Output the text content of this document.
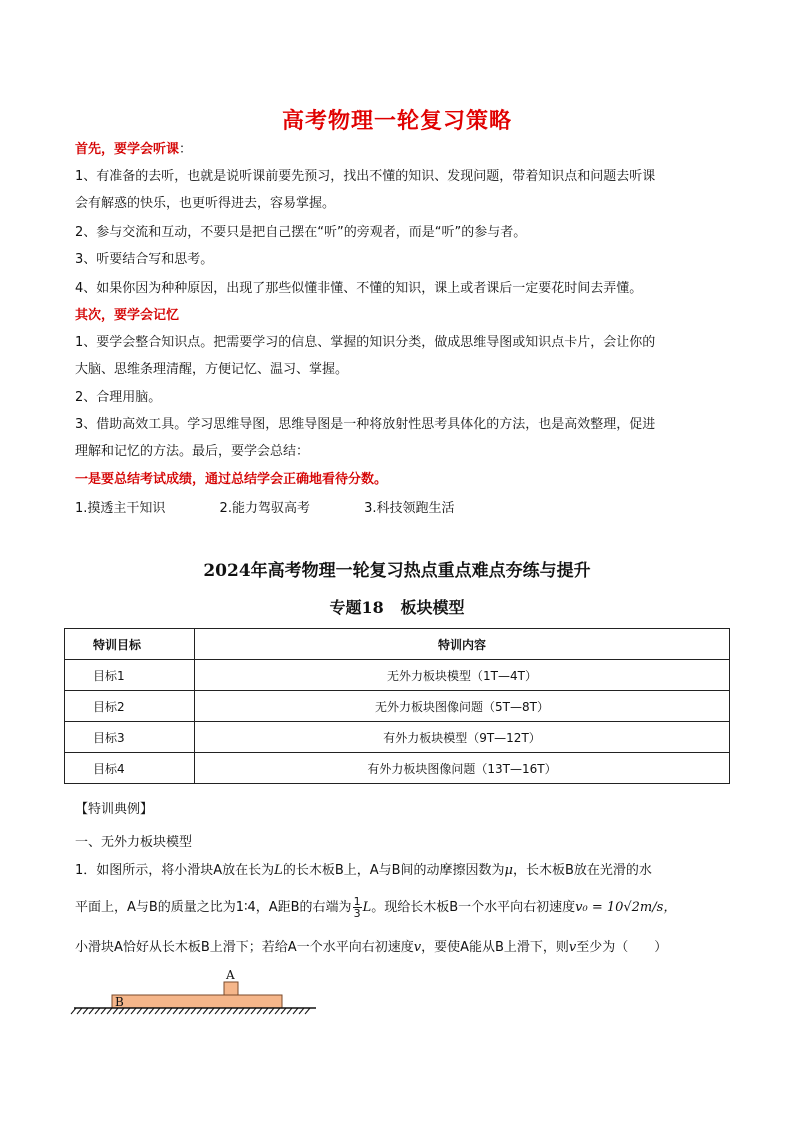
高考物理一轮复习策略
首先，要学会听课：
1、有准备的去听，也就是说听课前要先预习，找出不懂的知识、发现问题，带着知识点和问题去听课
会有解惑的快乐，也更听得进去，容易掌握。
2、参与交流和互动，不要只是把自己摆在“听”的旁观者，而是“听”的参与者。
3、听要结合写和思考。
4、如果你因为种种原因，出现了那些似懂非懂、不懂的知识，课上或者课后一定要花时间去弄懂。
其次，要学会记忆
1、要学会整合知识点。把需要学习的信息、掌握的知识分类，做成思维导图或知识点卡片，会让你的
大脑、思维条理清醒，方便记忆、温习、掌握。
2、合理用脑。
3、借助高效工具。学习思维导图，思维导图是一种将放射性思考具体化的方法，也是高效整理，促进
理解和记忆的方法。最后，要学会总结：
一是要总结考试成绩，通过总结学会正确地看待分数。
1.摸透主干知识	2.能力驾驭高考	3.科技领跑生活
2024年高考物理一轮复习热点重点难点夯练与提升
专题18   板块模型
特训目标	特训内容
目标1	无外力板块模型（1T—4T）
目标2	无外力板块图像问题（5T—8T）
目标3	有外力板块模型（9T—12T）
目标4	有外力板块图像问题（13T—16T）
【特训典例】
一、无外力板块模型
1．如图所示，将小滑块A放在长为L的长木板B上，A与B间的动摩擦因数为μ，长木板B放在光滑的水
平面上，A与B的质量之比为1∶4，A距B的右端为 $\frac{1}{3}$ L。现给长木板B一个水平向右初速度v₀ = 10√2m/s，
小滑块A恰好从长木板B上滑下；若给A一个水平向右初速度v，要使A能从B上滑下，则v至少为（　　）
A
B
